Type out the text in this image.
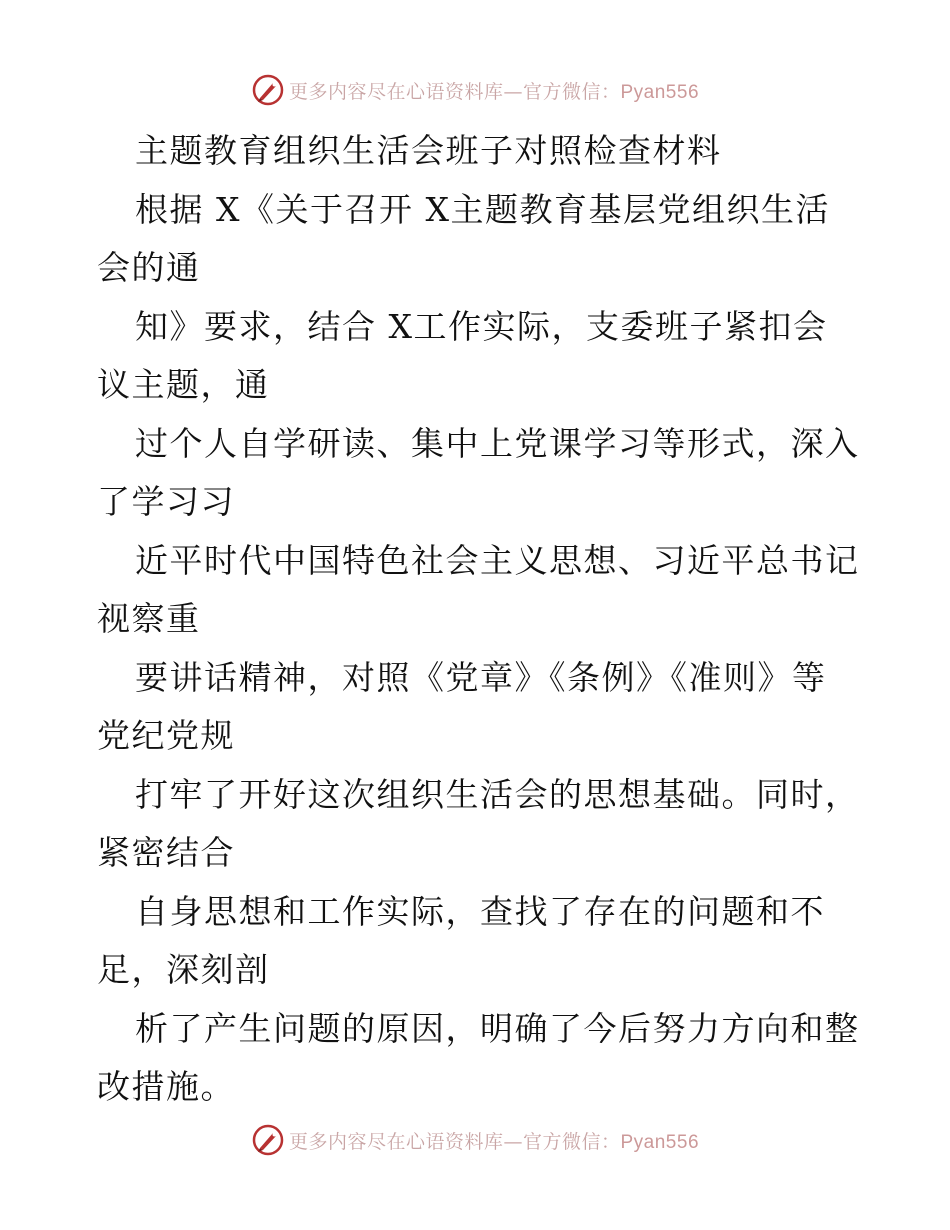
更多内容尽在心语资料库—官方微信：Pyan556
主题教育组织生活会班子对照检查材料
根据 X《关于召开 X主题教育基层党组织生活
会的通
知》要求，结合 X工作实际，支委班子紧扣会
议主题，通
过个人自学研读、集中上党课学习等形式，深入
了学习习
近平时代中国特色社会主义思想、习近平总书记
视察重
要讲话精神，对照《党章》《条例》《准则》等
党纪党规
打牢了开好这次组织生活会的思想基础。同时，
紧密结合
自身思想和工作实际，查找了存在的问题和不
足，深刻剖
析了产生问题的原因，明确了今后努力方向和整
改措施。
更多内容尽在心语资料库—官方微信：Pyan556
